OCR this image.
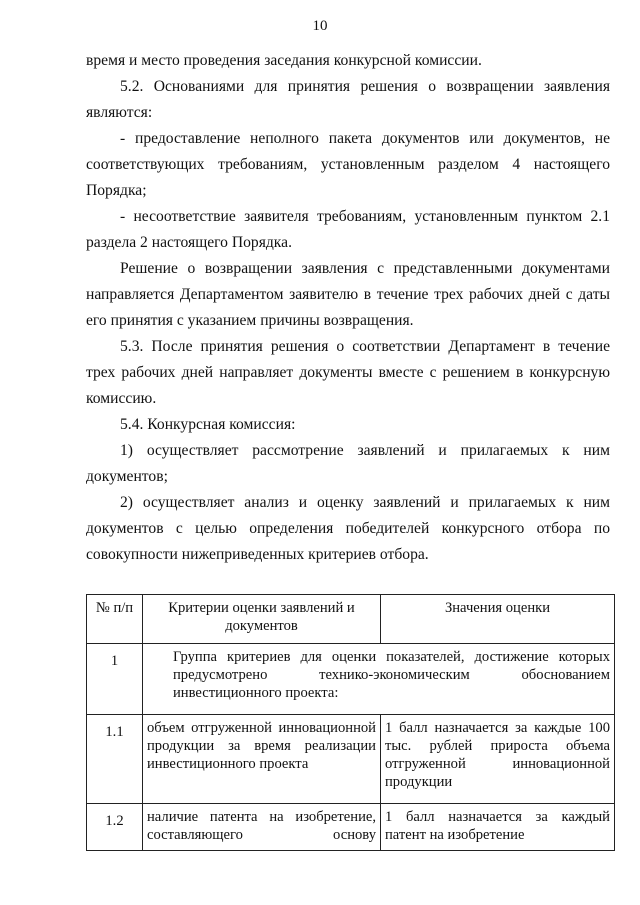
10

время и место проведения заседания конкурсной комиссии.

5.2. Основаниями для принятия решения о возвращении заявления являются:

- предоставление неполного пакета документов или документов, не соответствующих требованиям, установленным разделом 4 настоящего Порядка;

- несоответствие заявителя требованиям, установленным пунктом 2.1 раздела 2 настоящего Порядка.

Решение о возвращении заявления с представленными документами направляется Департаментом заявителю в течение трех рабочих дней с даты его принятия с указанием причины возвращения.

5.3. После принятия решения о соответствии Департамент в течение трех рабочих дней направляет документы вместе с решением в конкурсную комиссию.

5.4. Конкурсная комиссия:

1) осуществляет рассмотрение заявлений и прилагаемых к ним документов;

2) осуществляет анализ и оценку заявлений и прилагаемых к ним документов с целью определения победителей конкурсного отбора по совокупности нижеприведенных критериев отбора.

№ п/п	Критерии оценки заявлений и документов	Значения оценки
1	Группа критериев для оценки показателей, достижение которых предусмотрено технико-экономическим обоснованием инвестиционного проекта:	
1.1	объем отгруженной инновационной продукции за время реализации инвестиционного проекта	1 балл назначается за каждые 100 тыс. рублей прироста объема отгруженной инновационной продукции
1.2	наличие патента на изобретение, составляющего основу	1 балл назначается за каждый патент на изобретение
